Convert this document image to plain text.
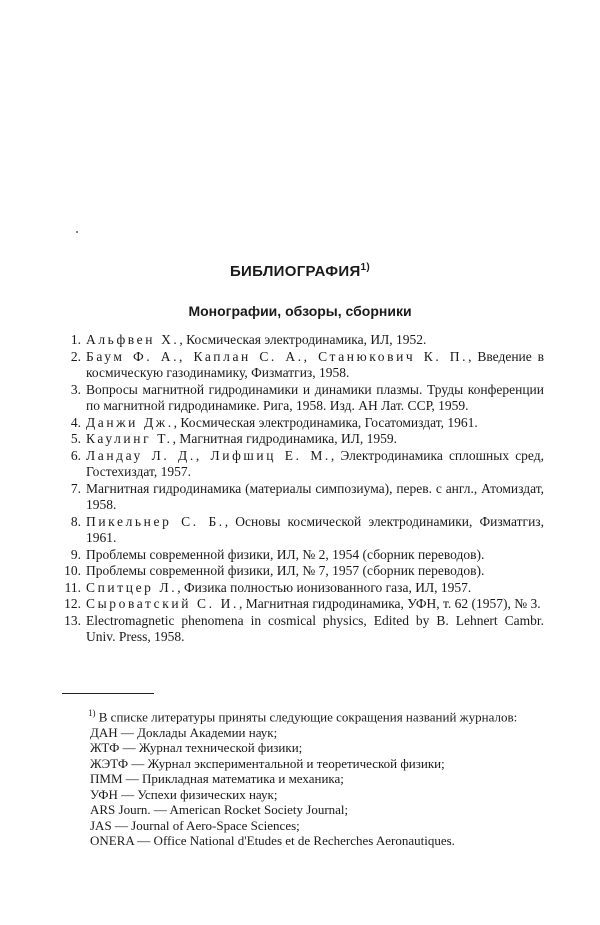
БИБЛИОГРАФИЯ$^{1)}$
Монографии, обзоры, сборники
1. Альфвен Х., Космическая электродинамика, ИЛ, 1952.
2. Баум Ф. А., Каплан С. А., Станюкович К. П., Введение в космическую газодинамику, Физматгиз, 1958.
3. Вопросы магнитной гидродинамики и динамики плазмы. Труды конференции по магнитной гидродинамике. Рига, 1958. Изд. АН Лат. ССР, 1959.
4. Данжи Дж., Космическая электродинамика, Госатомиздат, 1961.
5. Каулинг Т., Магнитная гидродинамика, ИЛ, 1959.
6. Ландау Л. Д., Лифшиц Е. М., Электродинамика сплошных сред, Гостехиздат, 1957.
7. Магнитная гидродинамика (материалы симпозиума), перев. с англ., Атомиздат, 1958.
8. Пикельнер С. Б., Основы космической электродинамики, Физматгиз, 1961.
9. Проблемы современной физики, ИЛ, № 2, 1954 (сборник переводов).
10. Проблемы современной физики, ИЛ, № 7, 1957 (сборник переводов).
11. Спитцер Л., Физика полностью ионизованного газа, ИЛ, 1957.
12. Сыроватский С. И., Магнитная гидродинамика, УФН, т. 62 (1957), № 3.
13. Electromagnetic phenomena in cosmical physics, Edited by B. Lehnert Cambr. Univ. Press, 1958.
$^{1)}$ В списке литературы приняты следующие сокращения названий журналов:
ДАН — Доклады Академии наук;
ЖТФ — Журнал технической физики;
ЖЭТФ — Журнал экспериментальной и теоретической физики;
ПММ — Прикладная математика и механика;
УФН — Успехи физических наук;
ARS Journ. — American Rocket Society Journal;
JAS — Journal of Aero-Space Sciences;
ONERA — Office National d'Etudes et de Recherches Aeronautiques.
